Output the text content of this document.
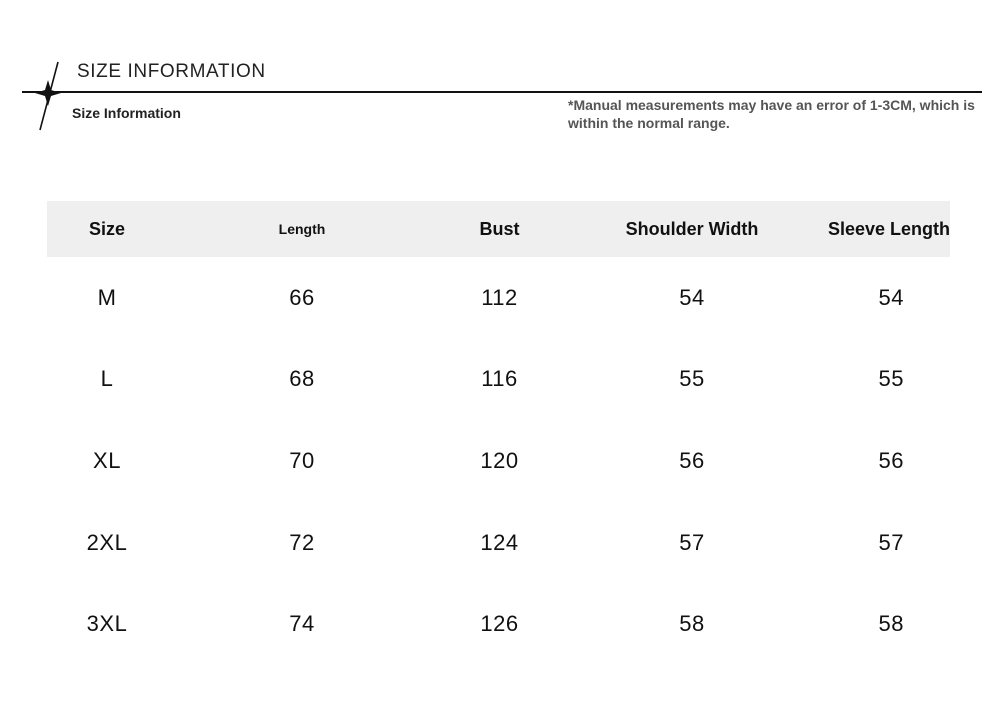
SIZE INFORMATION
Size Information	*Manual measurements may have an error of 1-3CM, which is within the normal range.
Size	Length	Bust	Shoulder Width	Sleeve Length
M	66	112	54	54
L	68	116	55	55
XL	70	120	56	56
2XL	72	124	57	57
3XL	74	126	58	58
